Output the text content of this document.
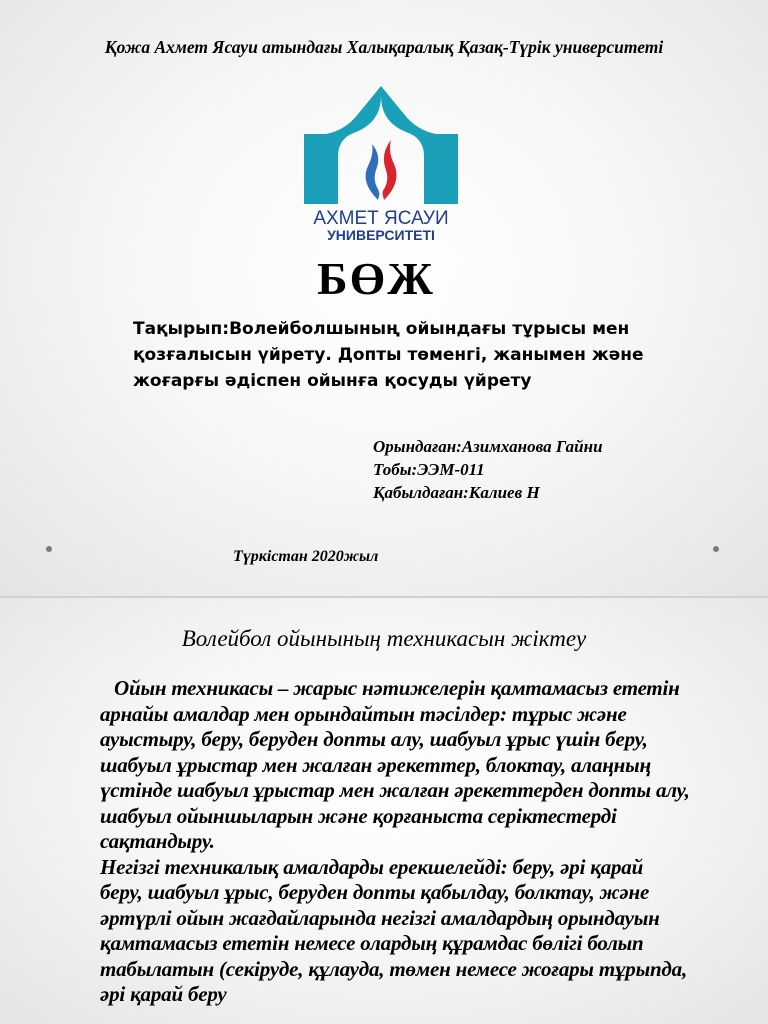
Қожа Ахмет Ясауи атындағы Халықаралық Қазақ-Түрік университеті
АХМЕТ ЯСАУИ
УНИВЕРСИТЕТІ
БӨЖ
Тақырып:Волейболшының ойындағы тұрысы мен қозғалысын үйрету. Допты төменгі, жанымен және жоғарғы әдіспен ойынға қосуды үйрету
Орындаған:Азимханова Гайни
Тобы:ЭЭМ-011
Қабылдаған:Калиев Н
Түркістан 2020жыл
Волейбол ойынының техникасын жіктеу

Ойын техникасы – жарыс нәтижелерін қамтамасыз ететін арнайы амалдар мен орындайтын тәсілдер: тұрыс және ауыстыру, беру, беруден допты алу, шабуыл ұрыс үшін беру, шабуыл ұрыстар мен жалған әрекеттер, блоктау, алаңның үстінде шабуыл ұрыстар мен жалған әрекеттерден допты алу, шабуыл ойыншыларын және қорғаныста серіктестерді сақтандыру.

Негізгі техникалық амалдарды ерекшелейді: беру, әрі қарай беру, шабуыл ұрыс, беруден допты қабылдау, болктау, және әртүрлі ойын жағдайларында негізгі амалдардың орындауын қамтамасыз ететін немесе олардың құрамдас бөлігі болып табылатын (секіруде, құлауда, төмен немесе жоғары тұрыпда, әрі қарай беру
